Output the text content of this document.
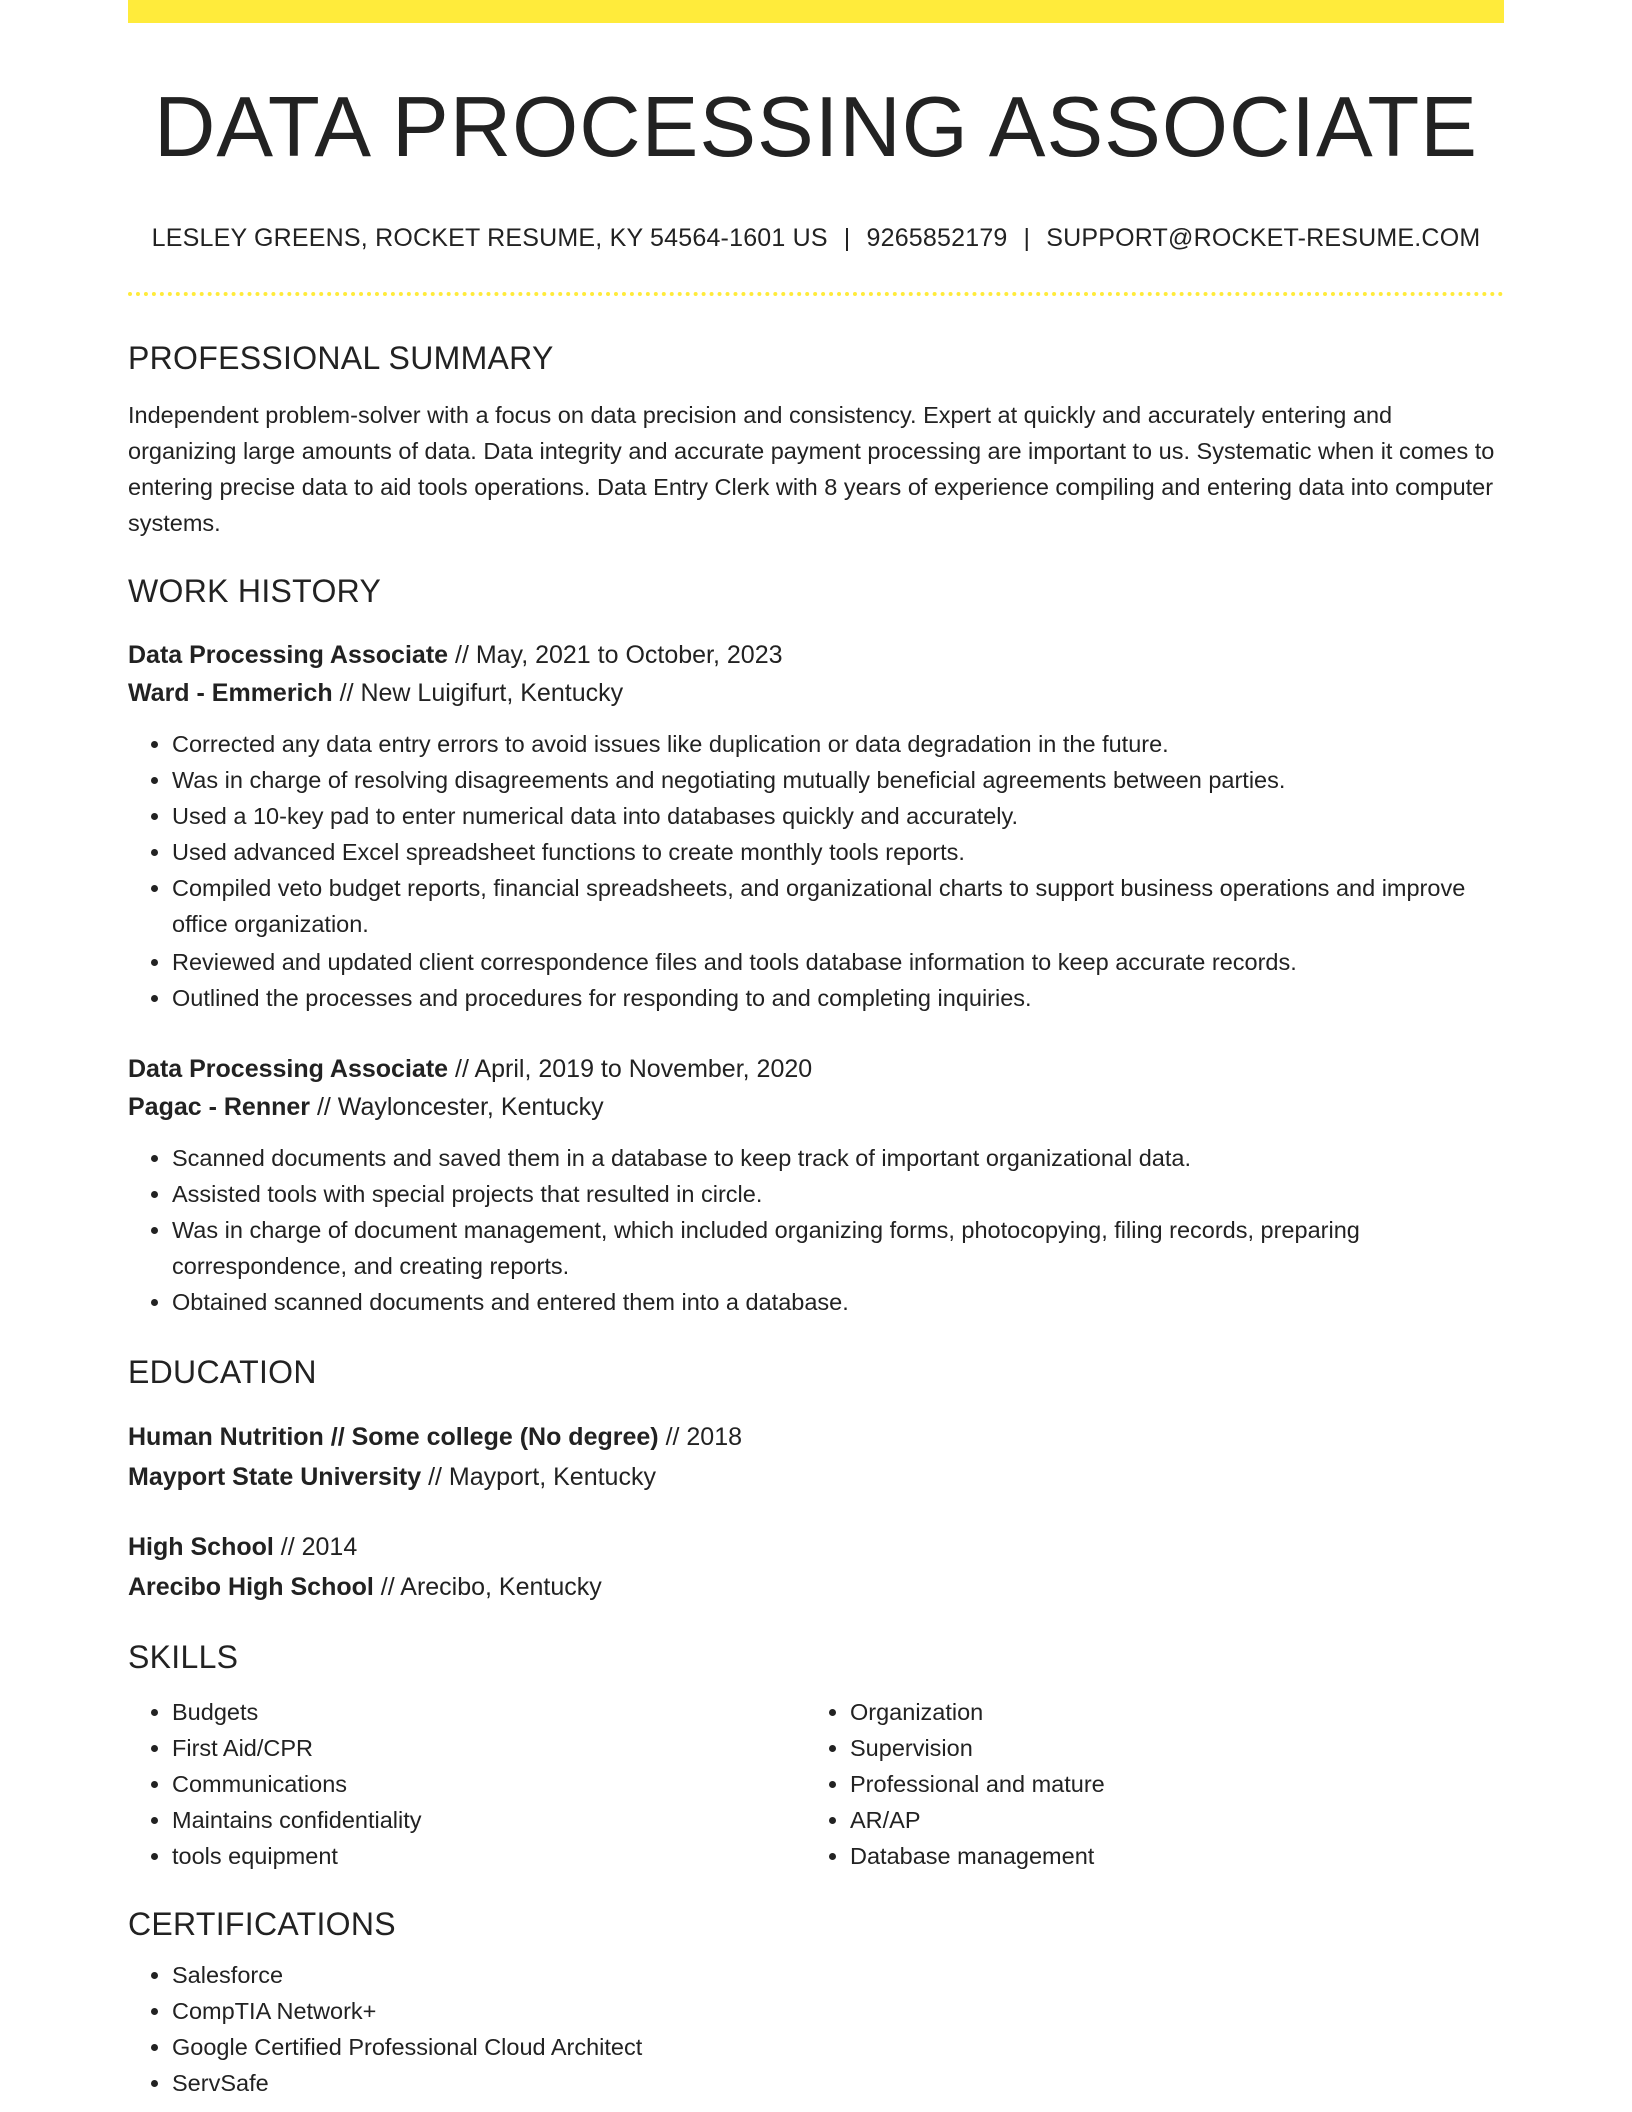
DATA PROCESSING ASSOCIATE
LESLEY GREENS, ROCKET RESUME, KY 54564-1601 US | 9265852179 | SUPPORT@ROCKET-RESUME.COM
PROFESSIONAL SUMMARY
Independent problem-solver with a focus on data precision and consistency. Expert at quickly and accurately entering and organizing large amounts of data. Data integrity and accurate payment processing are important to us. Systematic when it comes to entering precise data to aid tools operations. Data Entry Clerk with 8 years of experience compiling and entering data into computer systems.
WORK HISTORY
Data Processing Associate // May, 2021 to October, 2023
Ward - Emmerich // New Luigifurt, Kentucky
• Corrected any data entry errors to avoid issues like duplication or data degradation in the future.
• Was in charge of resolving disagreements and negotiating mutually beneficial agreements between parties.
• Used a 10-key pad to enter numerical data into databases quickly and accurately.
• Used advanced Excel spreadsheet functions to create monthly tools reports.
• Compiled veto budget reports, financial spreadsheets, and organizational charts to support business operations and improve office organization.
• Reviewed and updated client correspondence files and tools database information to keep accurate records.
• Outlined the processes and procedures for responding to and completing inquiries.
Data Processing Associate // April, 2019 to November, 2020
Pagac - Renner // Wayloncester, Kentucky
• Scanned documents and saved them in a database to keep track of important organizational data.
• Assisted tools with special projects that resulted in circle.
• Was in charge of document management, which included organizing forms, photocopying, filing records, preparing correspondence, and creating reports.
• Obtained scanned documents and entered them into a database.
EDUCATION
Human Nutrition // Some college (No degree) // 2018
Mayport State University // Mayport, Kentucky
High School // 2014
Arecibo High School // Arecibo, Kentucky
SKILLS
• Budgets
• First Aid/CPR
• Communications
• Maintains confidentiality
• tools equipment
• Organization
• Supervision
• Professional and mature
• AR/AP
• Database management
CERTIFICATIONS
• Salesforce
• CompTIA Network+
• Google Certified Professional Cloud Architect
• ServSafe
